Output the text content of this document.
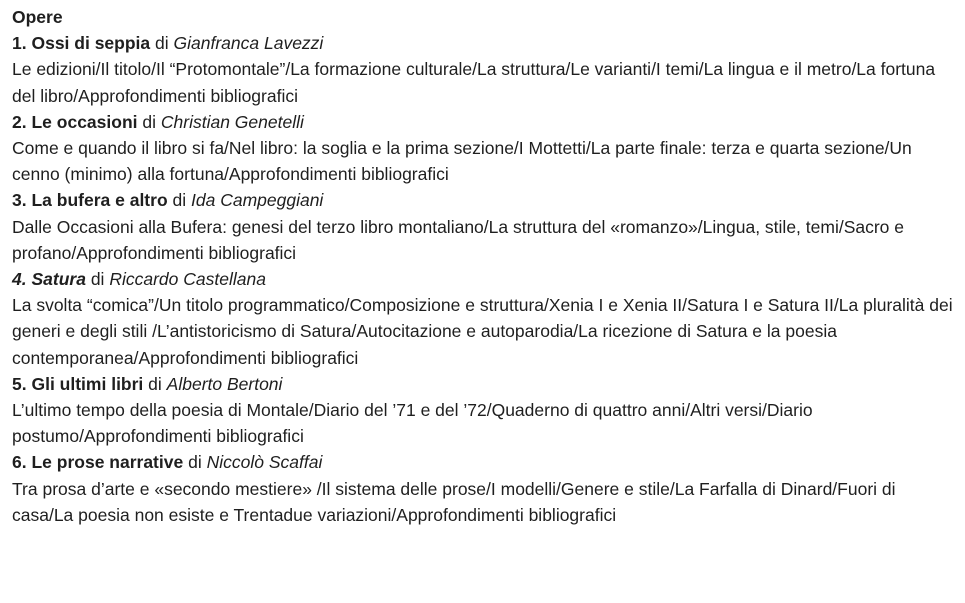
Opere
1. Ossi di seppia di Gianfranca Lavezzi
Le edizioni/Il titolo/Il “Protomontale”/La formazione culturale/La struttura/Le varianti/I temi/La lingua e il metro/La fortuna del libro/Approfondimenti bibliografici
2. Le occasioni di Christian Genetelli
Come e quando il libro si fa/Nel libro: la soglia e la prima sezione/I Mottetti/La parte finale: terza e quarta sezione/Un cenno (minimo) alla fortuna/Approfondimenti bibliografici
3. La bufera e altro di Ida Campeggiani
Dalle Occasioni alla Bufera: genesi del terzo libro montaliano/La struttura del «romanzo»/Lingua, stile, temi/Sacro e profano/Approfondimenti bibliografici
4. Satura di Riccardo Castellana
La svolta “comica”/Un titolo programmatico/Composizione e struttura/Xenia I e Xenia II/Satura I e Satura II/La pluralità dei generi e degli stili /L’antistoricismo di Satura/Autocitazione e autoparodia/La ricezione di Satura e la poesia contemporanea/Approfondimenti bibliografici
5. Gli ultimi libri di Alberto Bertoni
L’ultimo tempo della poesia di Montale/Diario del ’71 e del ’72/Quaderno di quattro anni/Altri versi/Diario postumo/Approfondimenti bibliografici
6. Le prose narrative di Niccolò Scaffai
Tra prosa d’arte e «secondo mestiere» /Il sistema delle prose/I modelli/Genere e stile/La Farfalla di Dinard/Fuori di casa/La poesia non esiste e Trentadue variazioni/Approfondimenti bibliografici
